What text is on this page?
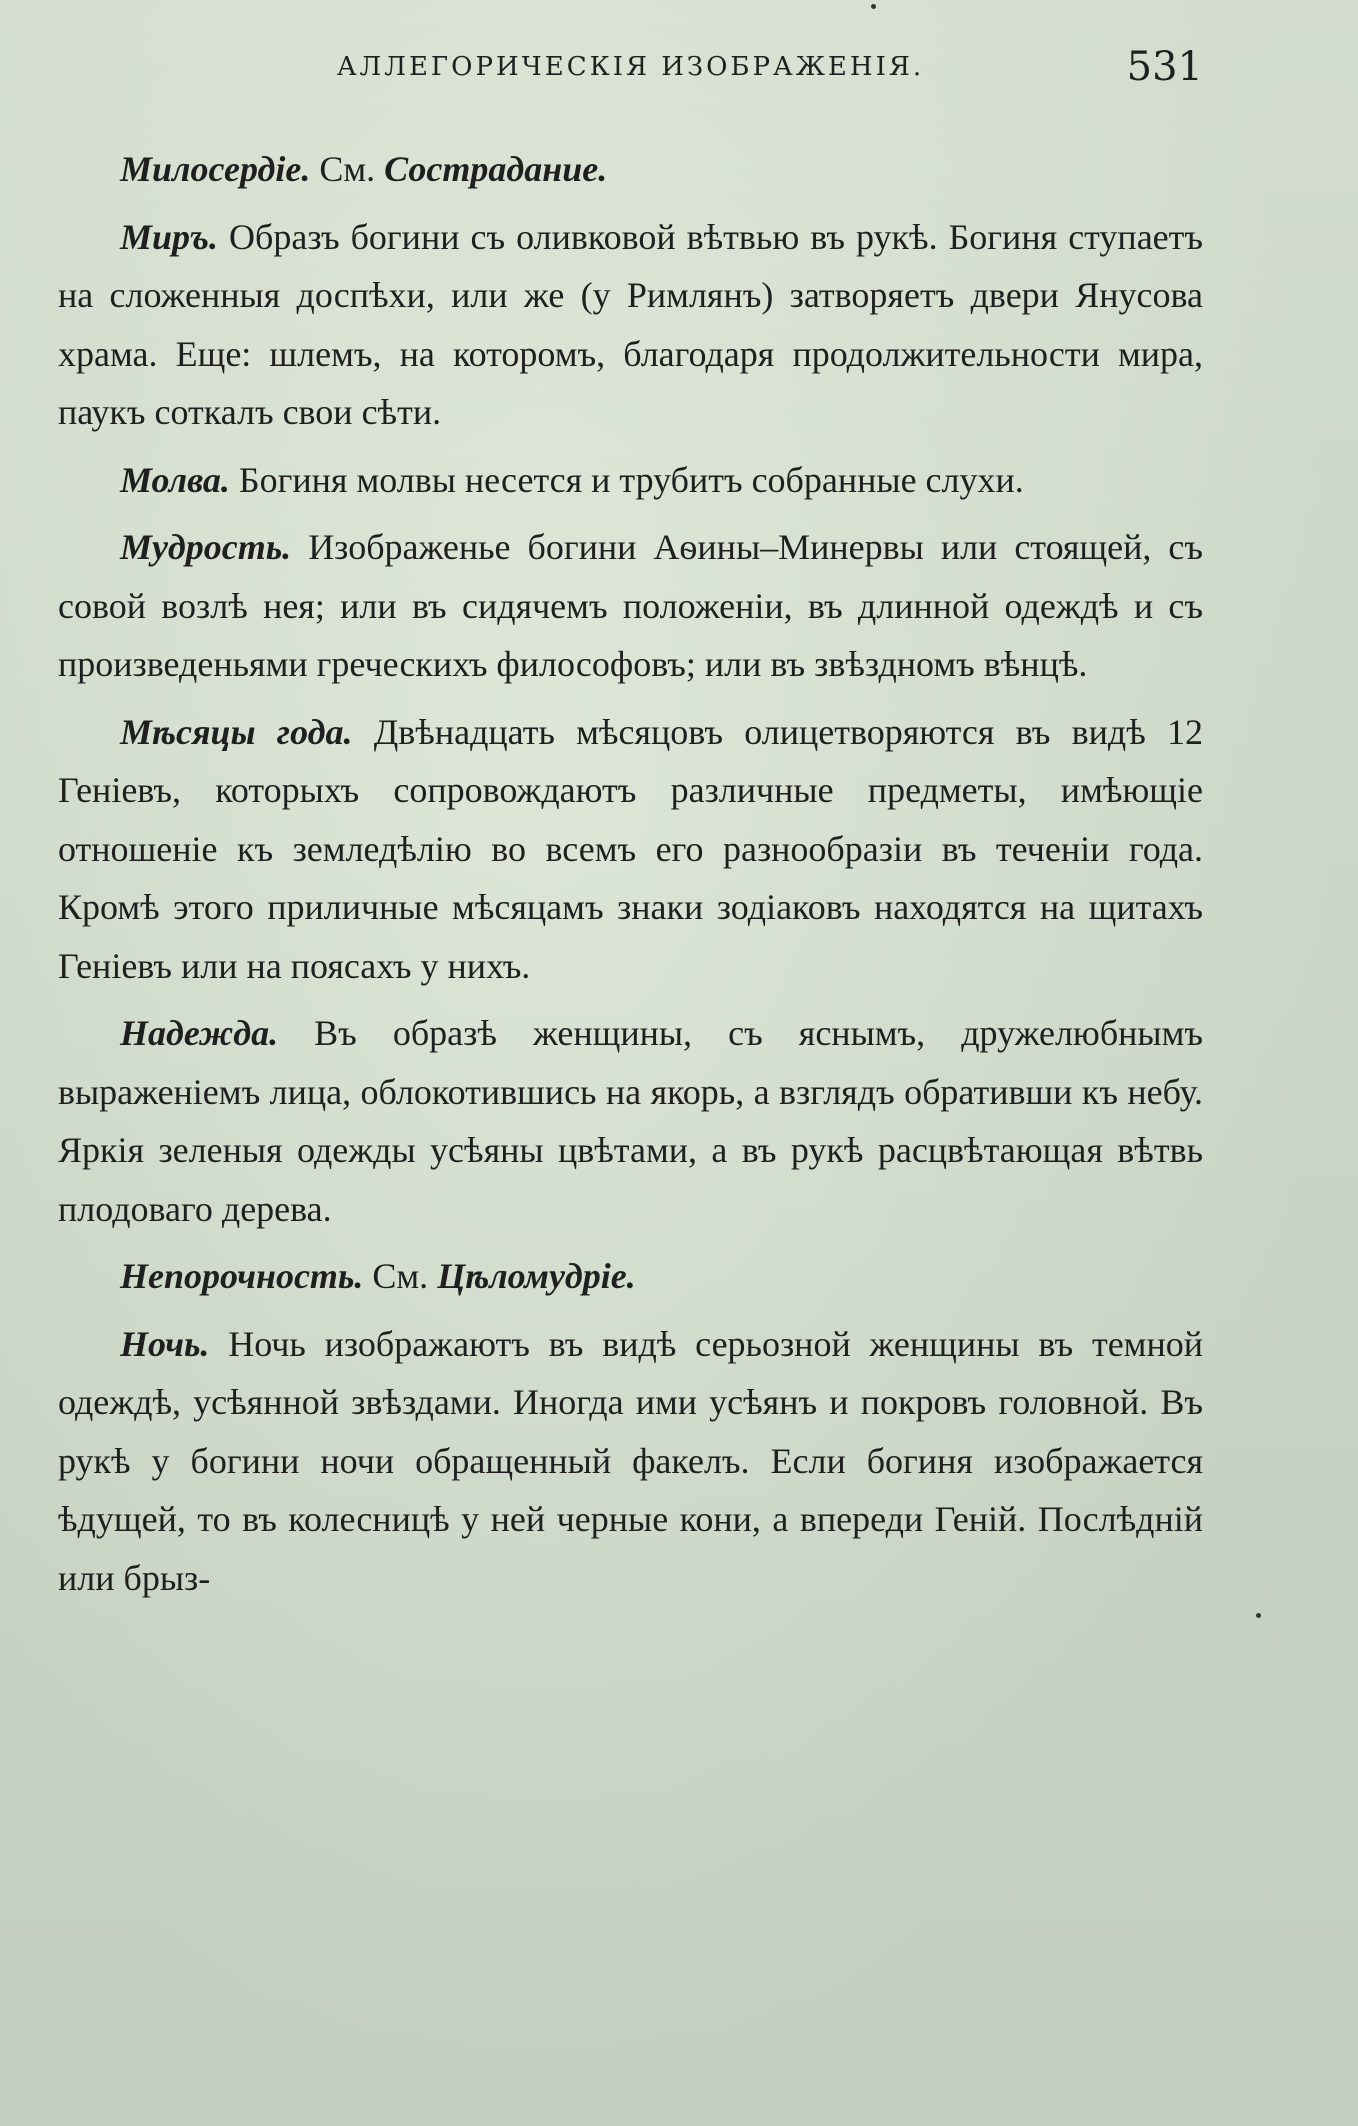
АЛЛЕГОРИЧЕСКІЯ ИЗОБРАЖЕНІЯ.	531

Милосердіе. См. Сострадание.

Миръ. Образъ богини съ оливковой вѣтвью въ рукѣ. Богиня ступаетъ на сложенныя доспѣхи, или же (у Римлянъ) затворяетъ двери Янусова храма. Еще: шлемъ, на которомъ, благодаря продолжительности мира, паукъ соткалъ свои сѣти.

Молва. Богиня молвы несется и трубитъ собранные слухи.

Мудрость. Изображенье богини Аѳины–Минервы или стоящей, съ совой возлѣ нея; или въ сидячемъ положеніи, въ длинной одеждѣ и съ произведеньями греческихъ философовъ; или въ звѣздномъ вѣнцѣ.

Мѣсяцы года. Двѣнадцать мѣсяцовъ олицетворяются въ видѣ 12 Геніевъ, которыхъ сопровождаютъ различные предметы, имѣющіе отношеніе къ земледѣлію во всемъ его разнообразіи въ теченіи года. Кромѣ этого приличные мѣсяцамъ знаки зодіаковъ находятся на щитахъ Геніевъ или на поясахъ у нихъ.

Надежда. Въ образѣ женщины, съ яснымъ, дружелюбнымъ выраженіемъ лица, облокотившись на якорь, а взглядъ обративши къ небу. Яркія зеленыя одежды усѣяны цвѣтами, а въ рукѣ расцвѣтающая вѣтвь плодоваго дерева.

Непорочность. См. Цѣломудріе.

Ночь. Ночь изображаютъ въ видѣ серьозной женщины въ темной одеждѣ, усѣянной звѣздами. Иногда ими усѣянъ и покровъ головной. Въ рукѣ у богини ночи обращенный факелъ. Если богиня изображается ѣдущей, то въ колесницѣ у ней черные кони, а впереди Геній. Послѣдній или брыз-
